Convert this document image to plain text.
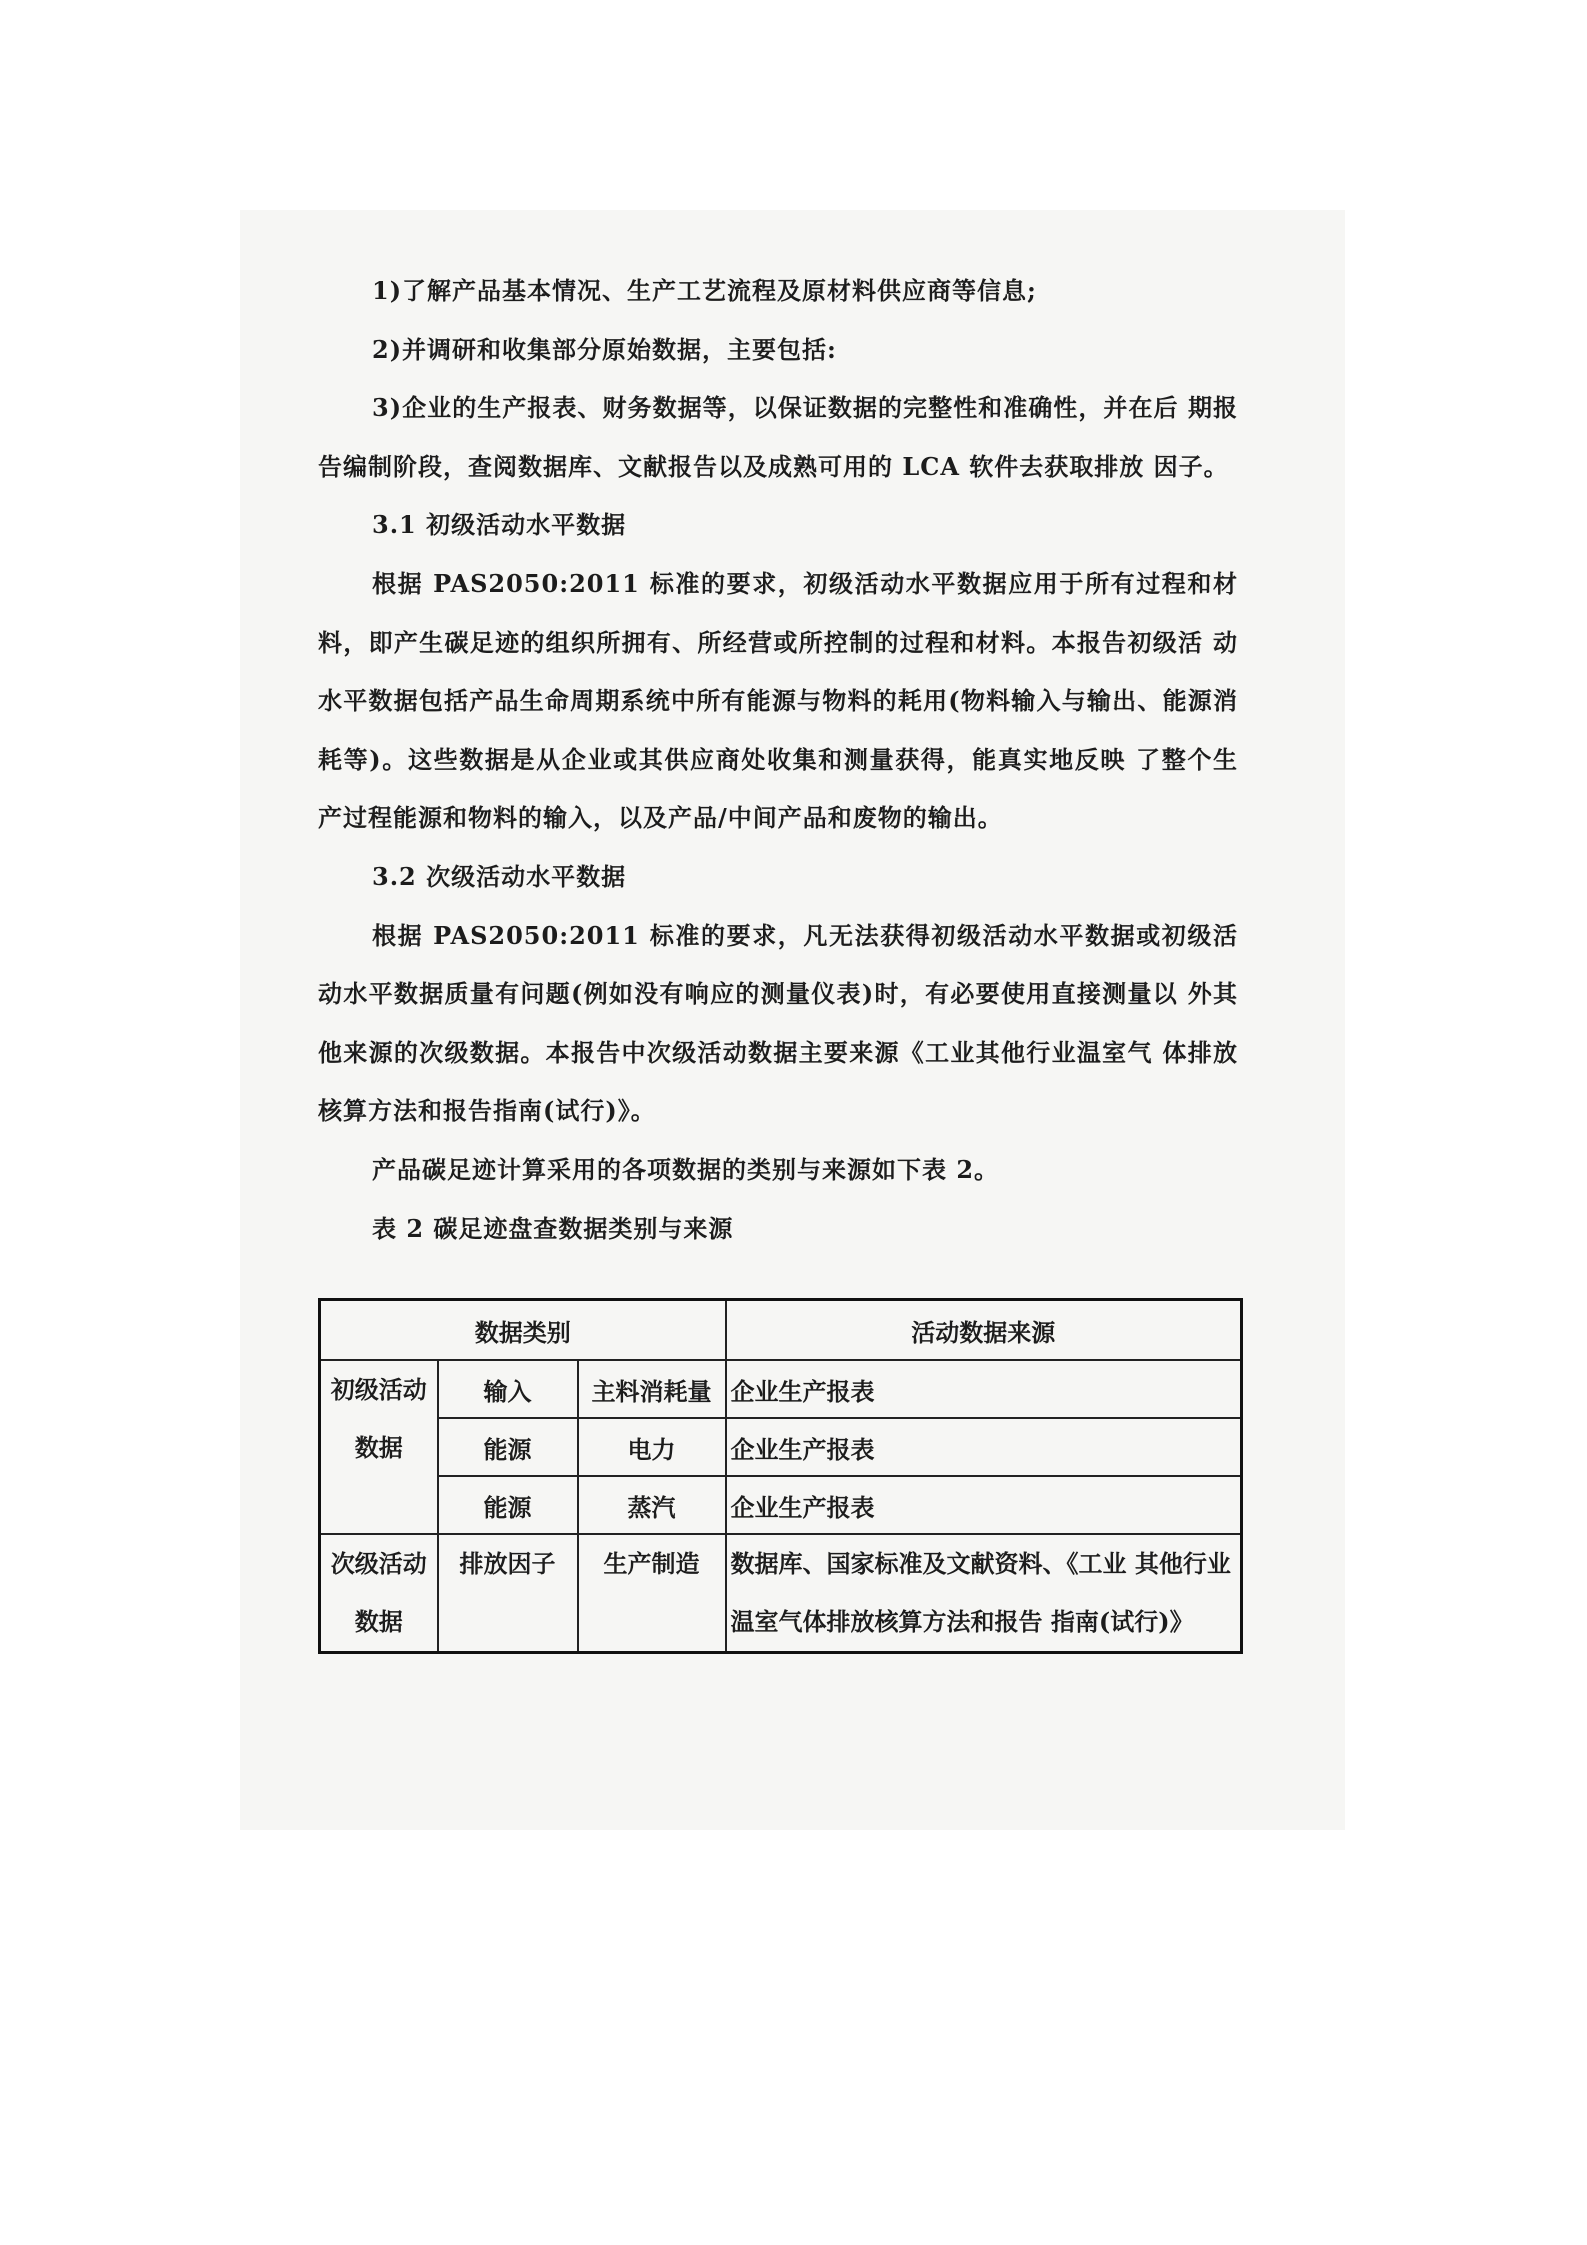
1)了解产品基本情况、生产工艺流程及原材料供应商等信息;

2)并调研和收集部分原始数据，主要包括:

3)企业的生产报表、财务数据等，以保证数据的完整性和准确性，并在后 期报告编制阶段，查阅数据库、文献报告以及成熟可用的 LCA 软件去获取排放 因子。

3.1 初级活动水平数据

根据 PAS2050:2011 标准的要求，初级活动水平数据应用于所有过程和材 料，即产生碳足迹的组织所拥有、所经营或所控制的过程和材料。本报告初级活 动水平数据包括产品生命周期系统中所有能源与物料的耗用(物料输入与输出、能源消耗等)。这些数据是从企业或其供应商处收集和测量获得，能真实地反映 了整个生产过程能源和物料的输入，以及产品/中间产品和废物的输出。

3.2 次级活动水平数据

根据 PAS2050:2011 标准的要求，凡无法获得初级活动水平数据或初级活 动水平数据质量有问题(例如没有响应的测量仪表)时，有必要使用直接测量以 外其他来源的次级数据。本报告中次级活动数据主要来源《工业其他行业温室气 体排放核算方法和报告指南(试行)》。

产品碳足迹计算采用的各项数据的类别与来源如下表 2。

表 2 碳足迹盘查数据类别与来源

数据类别			活动数据来源
初级活动数据	输入	主料消耗量	企业生产报表
	能源	电力	企业生产报表
	能源	蒸汽	企业生产报表
次级活动数据	排放因子	生产制造	数据库、国家标准及文献资料、《工业 其他行业温室气体排放核算方法和报告 指南(试行)》
